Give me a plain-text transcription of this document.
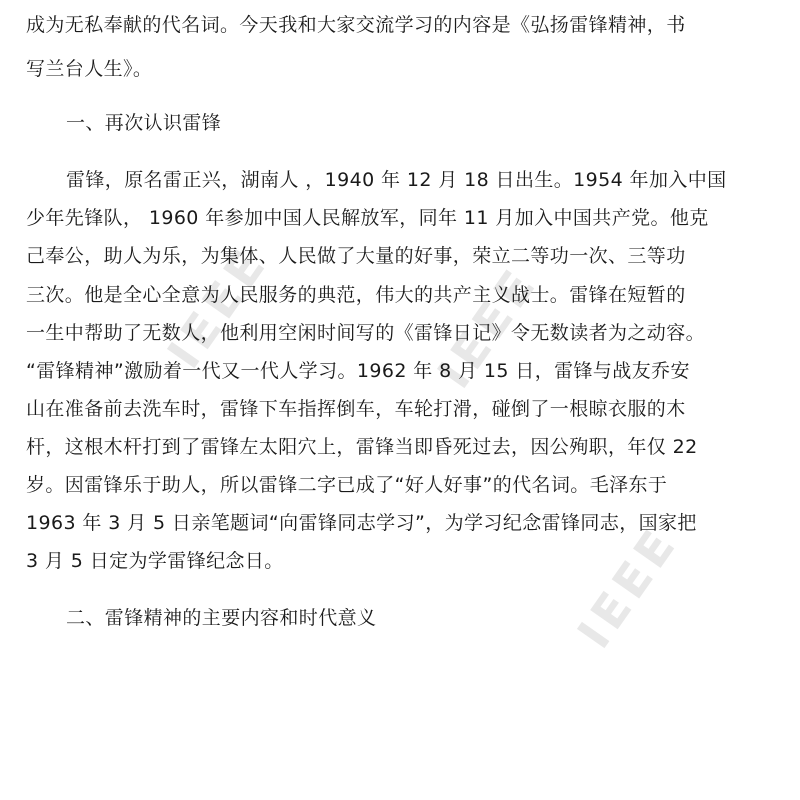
IEEE	IEEE
IEEE
成为无私奉献的代名词。今天我和大家交流学习的内容是《弘扬雷锋精神，书
写兰台人生》。
一、再次认识雷锋
雷锋，原名雷正兴，湖南人 ，1940 年 12 月 18 日出生。1954 年加入中国
少年先锋队， 1960 年参加中国人民解放军，同年 11 月加入中国共产党。他克
己奉公，助人为乐，为集体、人民做了大量的好事，荣立二等功一次、三等功
三次。他是全心全意为人民服务的典范，伟大的共产主义战士。雷锋在短暂的
一生中帮助了无数人，他利用空闲时间写的《雷锋日记》令无数读者为之动容。
“雷锋精神”激励着一代又一代人学习。1962 年 8 月 15 日，雷锋与战友乔安
山在准备前去洗车时，雷锋下车指挥倒车，车轮打滑，碰倒了一根晾衣服的木
杆，这根木杆打到了雷锋左太阳穴上，雷锋当即昏死过去，因公殉职，年仅 22
岁。因雷锋乐于助人，所以雷锋二字已成了“好人好事”的代名词。毛泽东于
1963 年 3 月 5 日亲笔题词“向雷锋同志学习”，为学习纪念雷锋同志，国家把
3 月 5 日定为学雷锋纪念日。
二、雷锋精神的主要内容和时代意义
